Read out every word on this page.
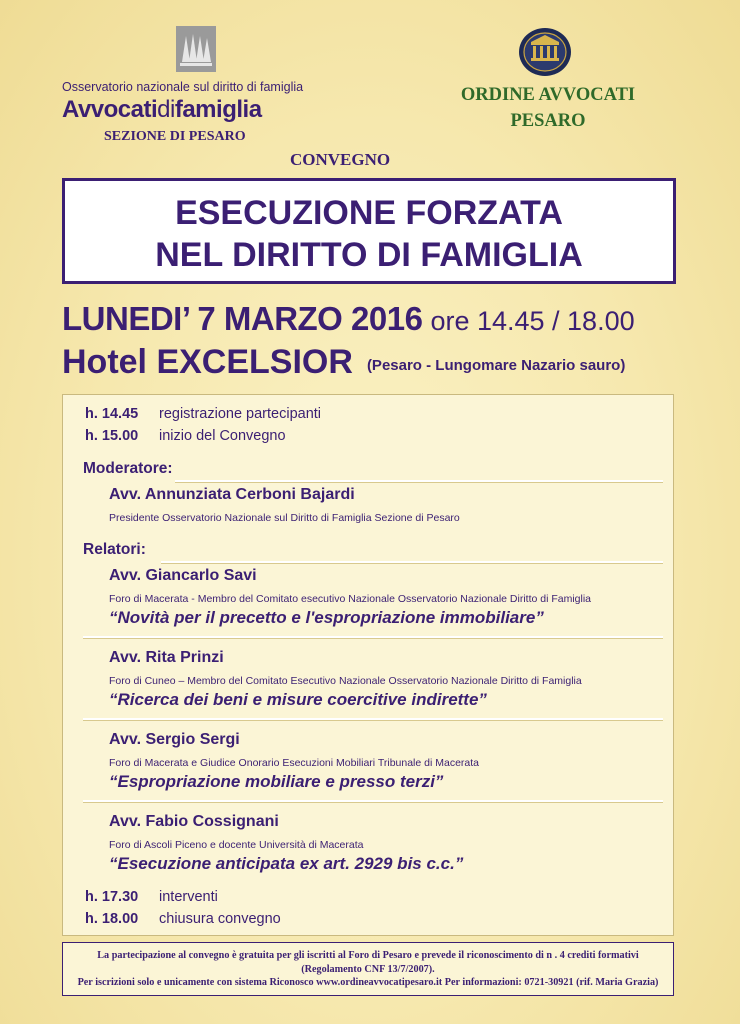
Osservatorio nazionale sul diritto di famiglia
Avvocatidifamiglia
SEZIONE DI PESARO
ORDINE AVVOCATI
PESARO
CONVEGNO
ESECUZIONE FORZATA
NEL DIRITTO DI FAMIGLIA
LUNEDI’ 7 MARZO 2016 ore 14.45 / 18.00
Hotel EXCELSIOR (Pesaro - Lungomare Nazario sauro)
h. 14.45 registrazione partecipanti
h. 15.00 inizio del Convegno
Moderatore:
Avv. Annunziata Cerboni Bajardi
Presidente Osservatorio Nazionale sul Diritto di Famiglia Sezione di Pesaro
Relatori:
Avv. Giancarlo Savi
Foro di Macerata - Membro del Comitato esecutivo Nazionale Osservatorio Nazionale Diritto di Famiglia
“Novità per il precetto e l'espropriazione immobiliare”
Avv. Rita Prinzi
Foro di Cuneo – Membro del Comitato Esecutivo Nazionale Osservatorio Nazionale Diritto di Famiglia
“Ricerca dei beni e misure coercitive indirette”
Avv. Sergio Sergi
Foro di Macerata e Giudice Onorario Esecuzioni Mobiliari Tribunale di Macerata
“Espropriazione mobiliare e presso terzi”
Avv. Fabio Cossignani
Foro di Ascoli Piceno e docente Università di Macerata
“Esecuzione anticipata ex art. 2929 bis c.c.”
h. 17.30 interventi
h. 18.00 chiusura convegno
La partecipazione al convegno è gratuita per gli iscritti al Foro di Pesaro e prevede il riconoscimento di n . 4 crediti formativi
(Regolamento CNF 13/7/2007).
Per iscrizioni solo e unicamente con sistema Riconosco www.ordineavvocatipesaro.it Per informazioni: 0721-30921 (rif. Maria Grazia)
